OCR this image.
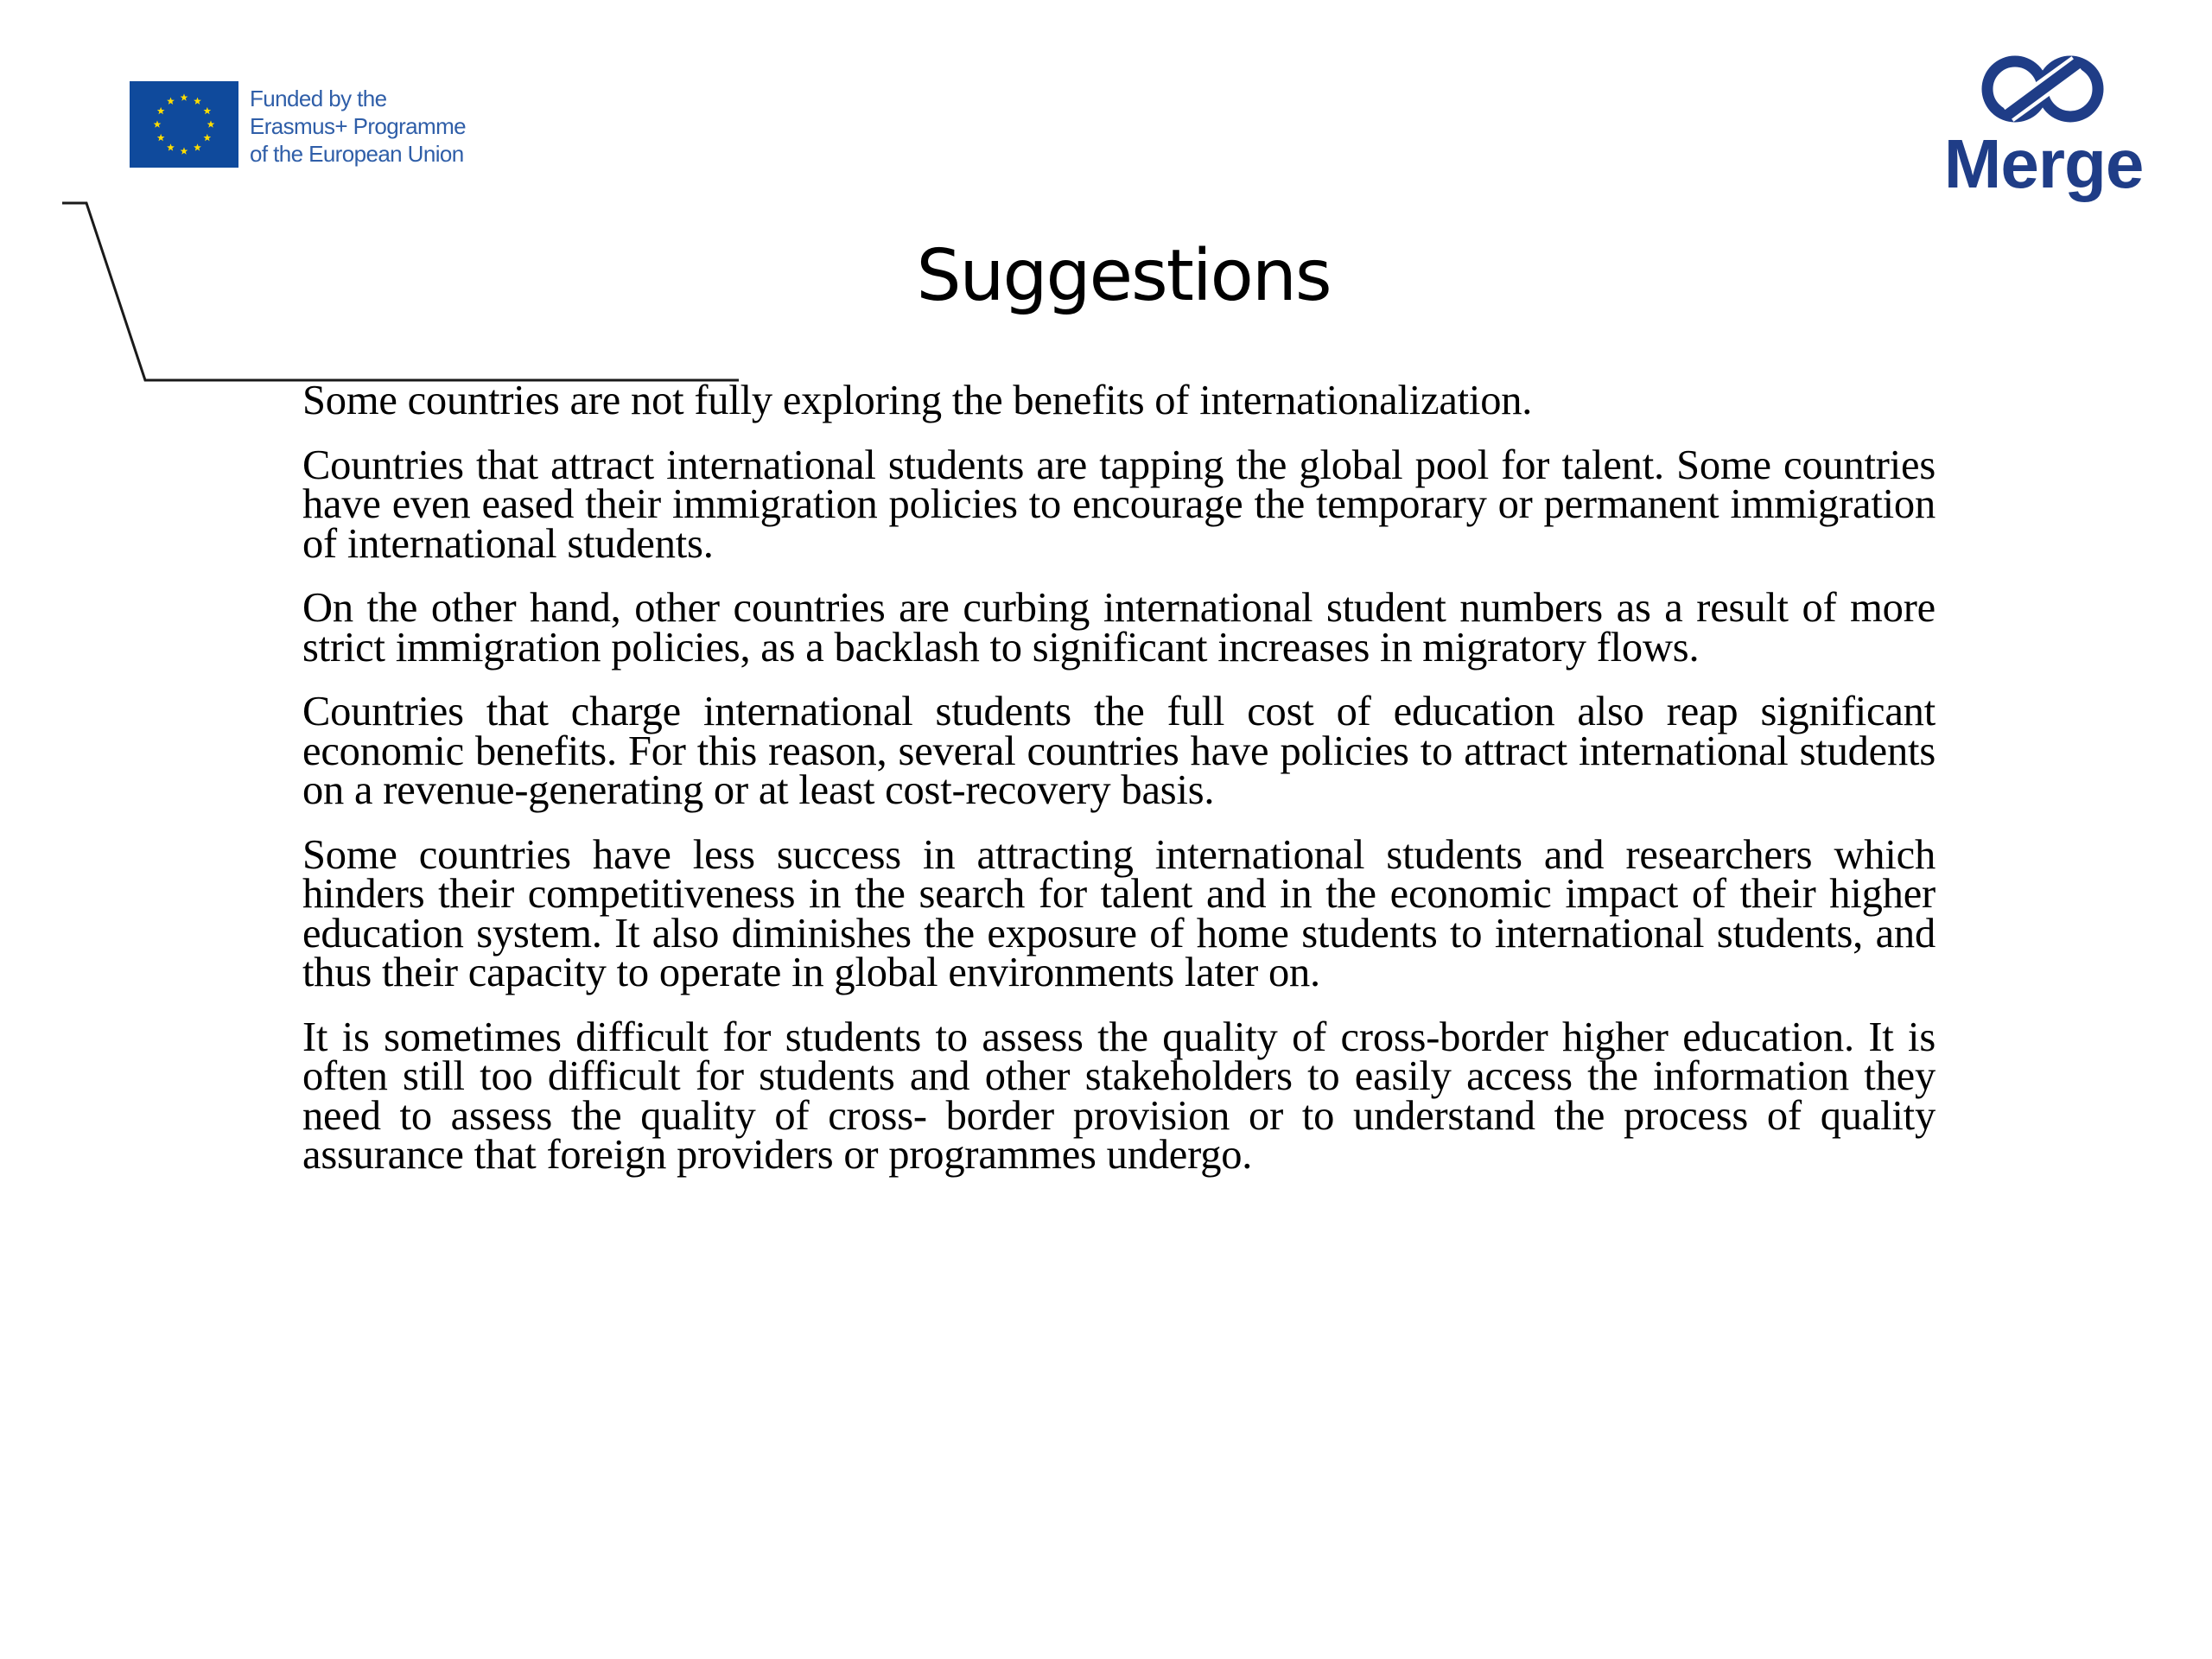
Funded by the
Erasmus+ Programme
of the European Union	Merge
Suggestions

Some countries are not fully exploring the benefits of internationalization.

Countries that attract international students are tapping the global pool for talent. Some countries have even eased their immigration policies to encourage the temporary or permanent immigration of international students.

On the other hand, other countries are curbing international student numbers as a result of more strict immigration policies, as a backlash to significant increases in migratory flows.

Countries that charge international students the full cost of education also reap significant economic benefits. For this reason, several countries have policies to attract international students on a revenue-generating or at least cost-recovery basis.

Some countries have less success in attracting international students and researchers which hinders their competitiveness in the search for talent and in the economic impact of their higher education system. It also diminishes the exposure of home students to international students, and thus their capacity to operate in global environments later on.

It is sometimes difficult for students to assess the quality of cross-border higher education. It is often still too difficult for students and other stakeholders to easily access the information they need to assess the quality of cross- border provision or to understand the process of quality assurance that foreign providers or programmes undergo.
